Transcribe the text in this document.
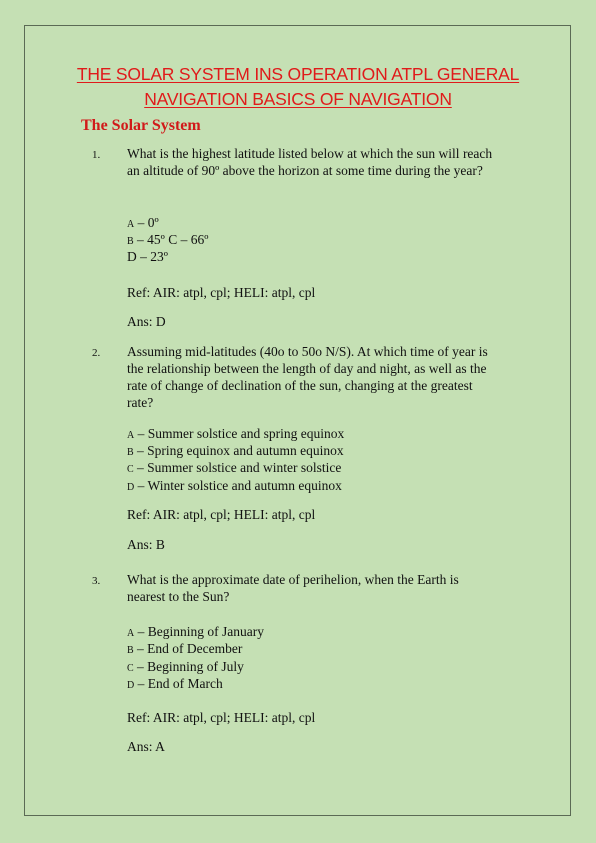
THE SOLAR SYSTEM INS OPERATION ATPL GENERAL NAVIGATION BASICS OF NAVIGATION
The Solar System
1. What is the highest latitude listed below at which the sun will reach an altitude of 90º above the horizon at some time during the year?
A – 0º
B – 45º C – 66º
D – 23º
Ref: AIR: atpl, cpl; HELI: atpl, cpl
Ans: D
2. Assuming mid-latitudes (40o to 50o N/S). At which time of year is the relationship between the length of day and night, as well as the rate of change of declination of the sun, changing at the greatest rate?
A – Summer solstice and spring equinox
B – Spring equinox and autumn equinox
C – Summer solstice and winter solstice
D – Winter solstice and autumn equinox
Ref: AIR: atpl, cpl; HELI: atpl, cpl
Ans: B
3. What is the approximate date of perihelion, when the Earth is nearest to the Sun?
A – Beginning of January
B – End of December
C – Beginning of July
D – End of March
Ref: AIR: atpl, cpl; HELI: atpl, cpl
Ans: A
